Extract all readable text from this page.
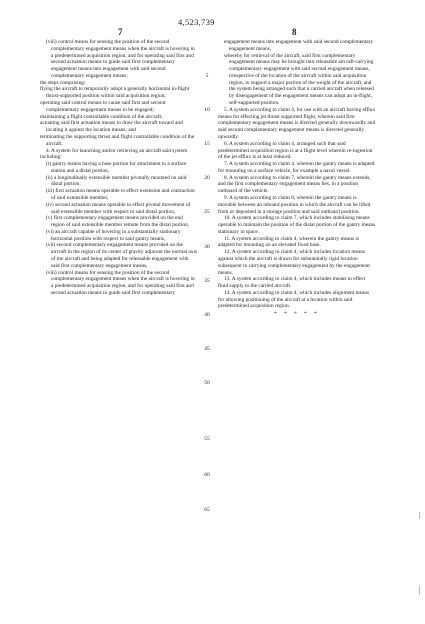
4,523,739
7	8

(viii) control means for sensing the position of the second complementary engagement means when the aircraft is hovering in a predetermined acquisition region, and for operating said first and second actuation means to guide said first complementary engagement means into engagement with said second complementary engagement means;

the steps comprising:

flying the aircraft to temporarily adopt a generally horizontal in-flight thrust-supported position within said acquisition region;

operating said control means to cause said first and second complementary engagement means to be engaged;

maintaining a flight controllable condition of the aircraft;

actuating said first actuation means to draw the aircraft toward and locating it against the location means; and

terminating the supporting thrust and flight controllable condition of the aircraft.

4. A system for launching and/or retrieving an aircraft said system including:

(i) gantry means having a base portion for attachment to a surface station and a distal portion,

(ii) a longitudinally extensible member pivotally mounted on said distal portion,

(iii) first actuation means operable to effect extension and contraction of said extensible member,

(iv) second actuation means operable to effect pivotal movement of said extensible member with respect to said distal portion,

(v) first complementary engagement means provided on the end region of said extensible member remote from the distal portion,

(vi) an aircraft capable of hovering in a substantially stationary horizontal position with respect to said gantry means,

(vii) second complementary engagement means provided on the aircraft in the region of its center of gravity adjacent the normal axis of the aircraft and being adapted for releasable engagement with said first complementary engagement means,

(viii) control means for sensing the position of the second complementary engagement means when the aircraft is hovering in a predetermined acquisition region, and for operating said first and second actuation means to guide said first complementary

engagement means into engagement with said second complementary engagement means,

whereby for retrieval of the aircraft, said first complementary engagement means may be brought into releasable aircraft-carrying complementary engagement with said second engagement means, irrespective of the location of the aircraft within said acquisition region, to support a major portion of the weight of the aircraft, and the system being arranged such that a carried aircraft when released by disengagement of the engagement means can adopt an in-flight, self-supported position.

5. A system according to claim 4, for use with an aircraft having efflux means for effecting jet thrust supported flight, wherein said first complementary engagement means is directed generally downwardly and said second complementary engagement means is directed generally upwardly.

6. A system according to claim 4, arranged such that said predetermined acquisition region is at a flight level wherein re-ingestion of the jet efflux is at least reduced.

7. A system according to claim 4, wherein the gantry means is adapted for mounting on a surface vehicle, for example a naval vessel.

8. A system according to claim 7, wherein the gantry means extends, and the first complementary engagement means lies, in a position outboard of the vehicle.

9. A system according to claim 8, wherein the gantry means is movable between an inboard position in which the aircraft can be lifted from or deposited in a storage position and said outboard position.

10. A system according to claim 7, which includes stabilising means operable to maintain the position of the distal portion of the gantry means stationary in space.

11. A system according to claim 4, wherein the gantry means is adapted for mounting on an elevated fixed base.

12. A system according to claim 4, which includes location means against which the aircraft is drawn for substantially rigid location subsequent to carrying complementary engagement by the engagement means.

13. A system according to claim 4, which includes means to effect fluid supply to the carried aircraft.

14. A system according to claim 4, which includes alignment means for allowing positioning of the aircraft at a location within said predetermined acquisition region.

* * * * *

5
10
15
20
25
30
35
40
45
50
55
60
65
